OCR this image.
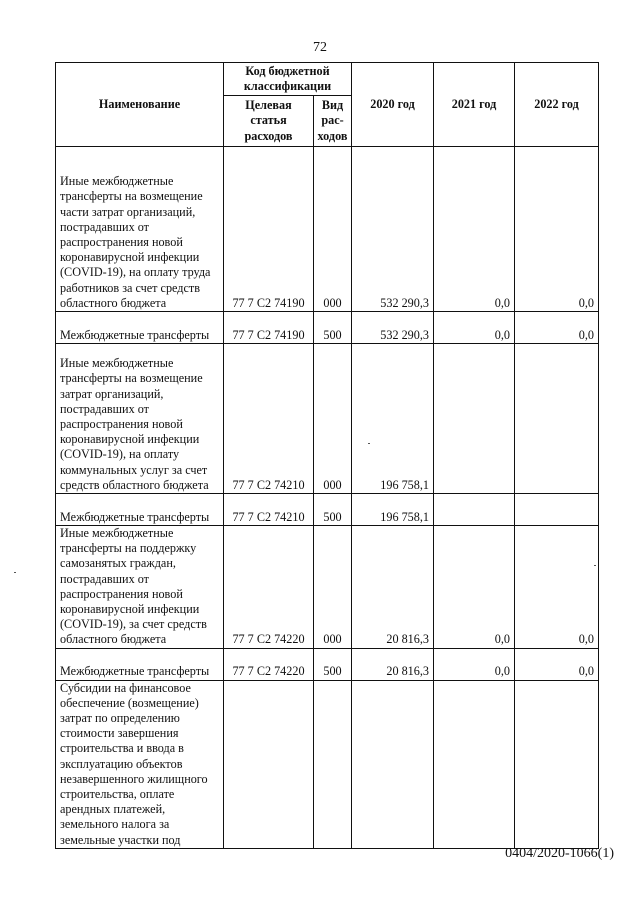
72
Наименование	Код бюджетной классификации		2020 год	2021 год	2022 год
	Целевая статья расходов	Вид рас-ходов			
Иные межбюджетные трансферты на возмещение части затрат организаций, пострадавших от распространения новой коронавирусной инфекции (COVID-19), на оплату труда работников за счет средств областного бюджета	77 7 C2 74190	000	532 290,3	0,0	0,0
Межбюджетные трансферты	77 7 C2 74190	500	532 290,3	0,0	0,0
Иные межбюджетные трансферты на возмещение затрат организаций, пострадавших от распространения новой коронавирусной инфекции (COVID-19), на оплату коммунальных услуг за счет средств областного бюджета	77 7 C2 74210	000	196 758,1		
Межбюджетные трансферты	77 7 C2 74210	500	196 758,1		
Иные межбюджетные трансферты на поддержку самозанятых граждан, пострадавших от распространения новой коронавирусной инфекции (COVID-19), за счет средств областного бюджета	77 7 C2 74220	000	20 816,3	0,0	0,0
Межбюджетные трансферты	77 7 C2 74220	500	20 816,3	0,0	0,0
Субсидии на финансовое обеспечение (возмещение) затрат по определению стоимости завершения строительства и ввода в эксплуатацию объектов незавершенного жилищного строительства, оплате арендных платежей, земельного налога за земельные участки под					
0404/2020-1066(1)
